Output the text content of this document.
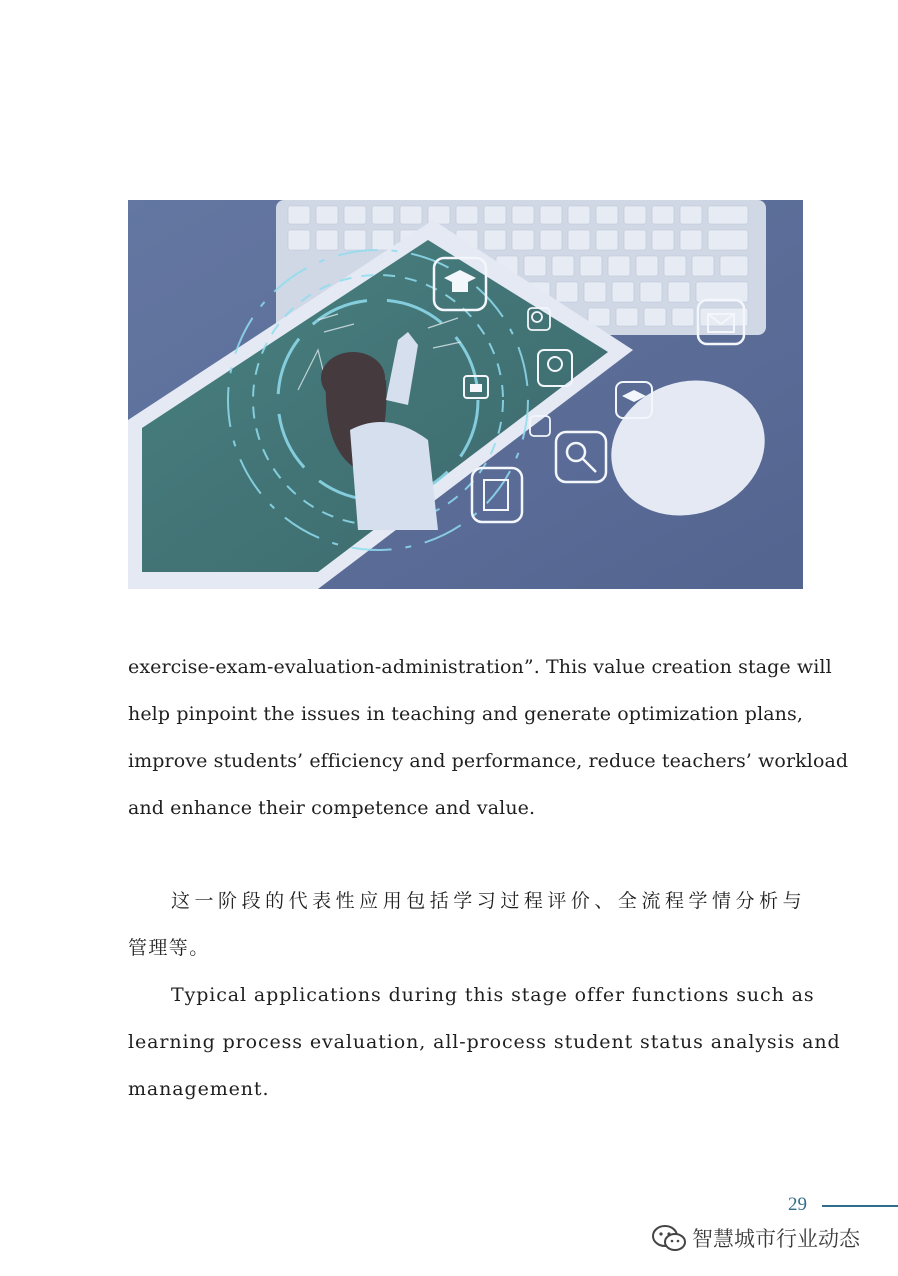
exercise-exam-evaluation-administration”. This value creation stage will
help pinpoint the issues in teaching and generate optimization plans,
improve students’ efficiency and performance, reduce teachers’ workload
and enhance their competence and value.
这一阶段的代表性应用包括学习过程评价、全流程学情分析与
管理等。
Typical applications during this stage offer functions such as
learning process evaluation, all-process student status analysis and
management.
29
智慧城市行业动态
